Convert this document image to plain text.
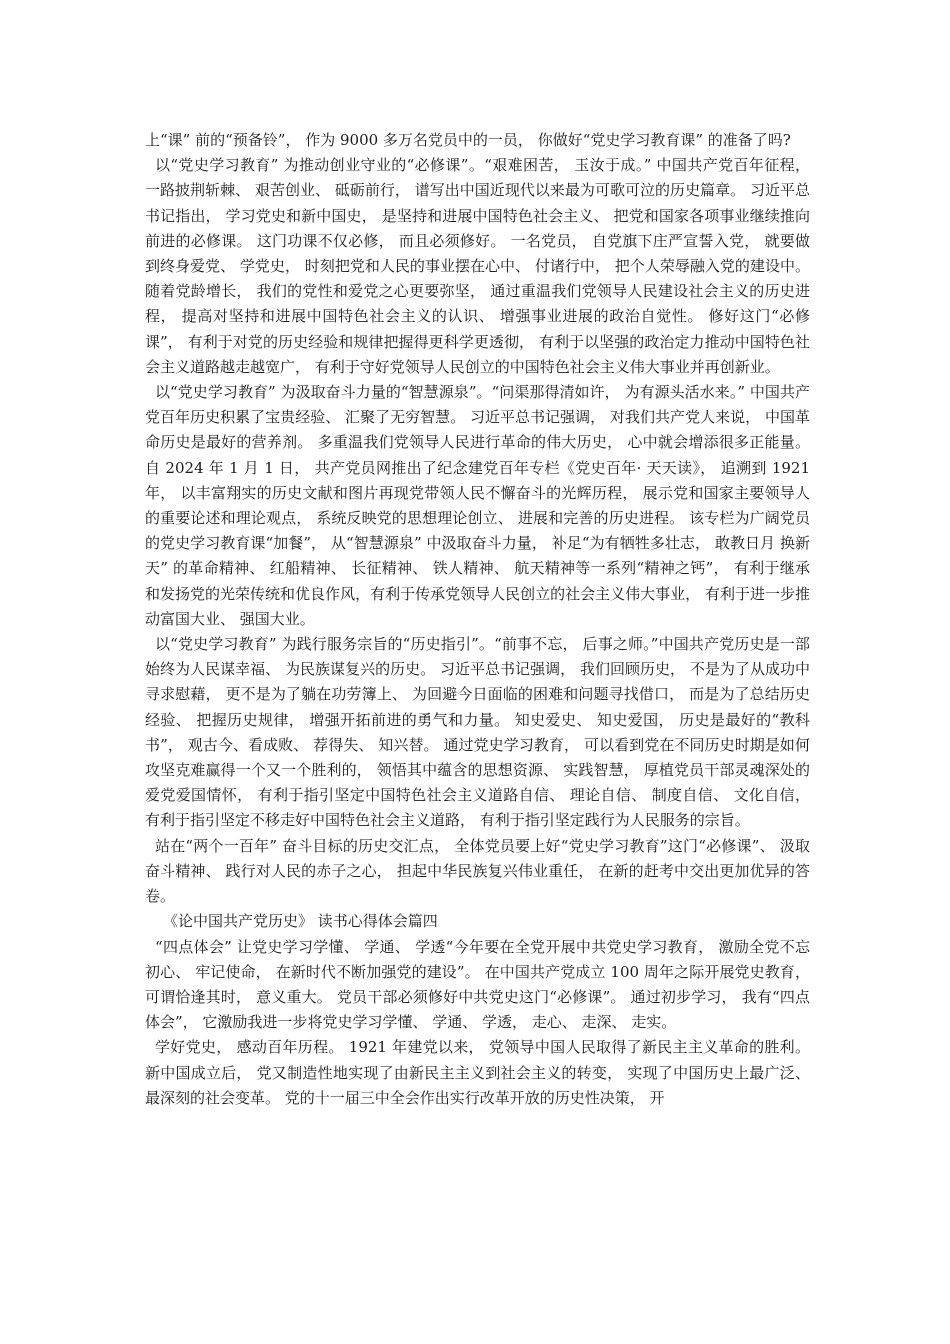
上“课” 前的“预备铃”， 作为 9000 多万名党员中的一员， 你做好“党史学习教育课” 的准备了吗?

以“党史学习教育” 为推动创业守业的“必修课”。“艰难困苦， 玉汝于成。” 中国共产党百年征程， 一路披荆斩棘、 艰苦创业、 砥砺前行， 谱写出中国近现代以来最为可歌可泣的历史篇章。 习近平总书记指出， 学习党史和新中国史， 是坚持和进展中国特色社会主义、 把党和国家各项事业继续推向前进的必修课。 这门功课不仅必修， 而且必须修好。 一名党员， 自党旗下庄严宣誓入党， 就要做到终身爱党、 学党史， 时刻把党和人民的事业摆在心中、 付诸行中， 把个人荣辱融入党的建设中。随着党龄增长， 我们的党性和爱党之心更要弥坚， 通过重温我们党领导人民建设社会主义的历史进程， 提高对坚持和进展中国特色社会主义的认识、 增强事业进展的政治自觉性。 修好这门“必修课”， 有利于对党的历史经验和规律把握得更科学更透彻， 有利于以坚强的政治定力推动中国特色社会主义道路越走越宽广， 有利于守好党领导人民创立的中国特色社会主义伟大事业并再创新业。

以“党史学习教育” 为汲取奋斗力量的“智慧源泉”。“问渠那得清如许， 为有源头活水来。” 中国共产党百年历史积累了宝贵经验、 汇聚了无穷智慧。 习近平总书记强调， 对我们共产党人来说， 中国革命历史是最好的营养剂。 多重温我们党领导人民进行革命的伟大历史， 心中就会增添很多正能量。 自 2024 年 1 月 1 日， 共产党员网推出了纪念建党百年专栏《党史百年· 天天读》， 追溯到 1921 年， 以丰富翔实的历史文献和图片再现党带领人民不懈奋斗的光辉历程， 展示党和国家主要领导人的重要论述和理论观点， 系统反映党的思想理论创立、 进展和完善的历史进程。 该专栏为广阔党员的党史学习教育课“加餐”， 从“智慧源泉” 中汲取奋斗力量， 补足“为有牺牲多壮志， 敢教日月 换新天” 的革命精神、 红船精神、 长征精神、 铁人精神、 航天精神等一系列“精神之钙”， 有利于继承和发扬党的光荣传统和优良作风，有利于传承党领导人民创立的社会主义伟大事业， 有利于进一步推动富国大业、 强国大业。

以“党史学习教育” 为践行服务宗旨的“历史指引”。“前事不忘， 后事之师。”中国共产党历史是一部始终为人民谋幸福、 为民族谋复兴的历史。 习近平总书记强调， 我们回顾历史， 不是为了从成功中寻求慰藉， 更不是为了躺在功劳簿上、 为回避今日面临的困难和问题寻找借口， 而是为了总结历史经验、 把握历史规律， 增强开拓前进的勇气和力量。 知史爱史、 知史爱国， 历史是最好的“教科书”， 观古今、看成败、 荐得失、 知兴替。 通过党史学习教育， 可以看到党在不同历史时期是如何攻坚克难赢得一个又一个胜利的， 领悟其中蕴含的思想资源、 实践智慧， 厚植党员干部灵魂深处的爱党爱国情怀， 有利于指引坚定中国特色社会主义道路自信、 理论自信、 制度自信、 文化自信， 有利于指引坚定不移走好中国特色社会主义道路， 有利于指引坚定践行为人民服务的宗旨。

站在“两个一百年” 奋斗目标的历史交汇点， 全体党员要上好“党史学习教育”这门“必修课”、 汲取奋斗精神、 践行对人民的赤子之心， 担起中华民族复兴伟业重任， 在新的赶考中交出更加优异的答卷。

《论中国共产党历史》 读书心得体会篇四

“四点体会” 让党史学习学懂、 学通、 学透“今年要在全党开展中共党史学习教育， 激励全党不忘初心、 牢记使命， 在新时代不断加强党的建设”。 在中国共产党成立 100 周年之际开展党史教育， 可谓恰逢其时， 意义重大。 党员干部必须修好中共党史这门“必修课”。 通过初步学习， 我有“四点体会”， 它激励我进一步将党史学习学懂、 学通、 学透， 走心、 走深、 走实。

学好党史， 感动百年历程。 1921 年建党以来， 党领导中国人民取得了新民主主义革命的胜利。 新中国成立后， 党又制造性地实现了由新民主主义到社会主义的转变， 实现了中国历史上最广泛、 最深刻的社会变革。 党的十一届三中全会作出实行改革开放的历史性决策， 开
